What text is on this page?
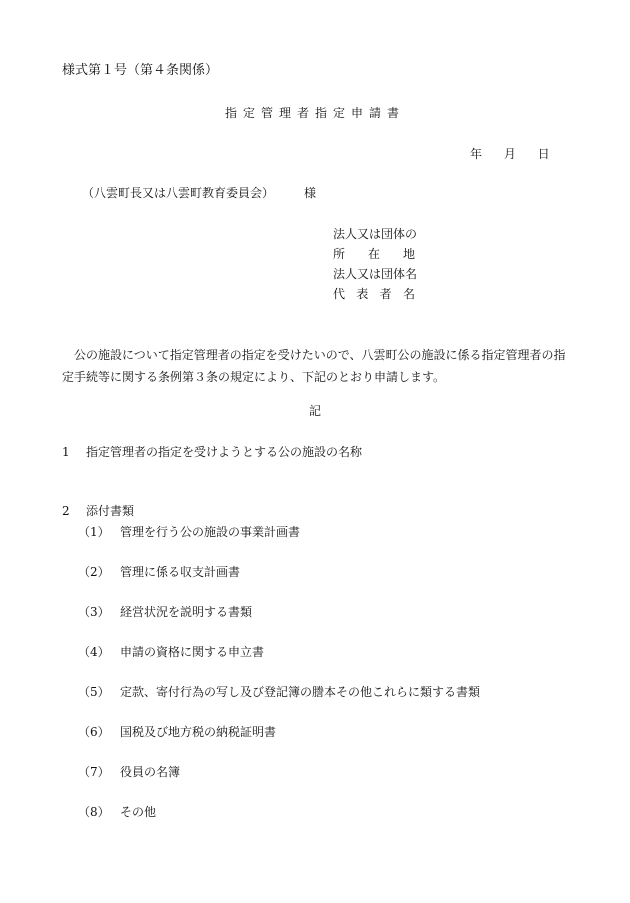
様式第１号（第４条関係）
指定管理者指定申請書
年 月 日
（八雲町長又は八雲町教育委員会）	様
法人又は団体の
所 在 地
法人又は団体名
代 表 者 名
公の施設について指定管理者の指定を受けたいので、八雲町公の施設に係る指定管理者の指定手続等に関する条例第３条の規定により、下記のとおり申請します。
記
1 指定管理者の指定を受けようとする公の施設の名称
2 添付書類
（1） 管理を行う公の施設の事業計画書
（2） 管理に係る収支計画書
（3） 経営状況を説明する書類
（4） 申請の資格に関する申立書
（5） 定款、寄付行為の写し及び登記簿の謄本その他これらに類する書類
（6） 国税及び地方税の納税証明書
（7） 役員の名簿
（8） その他
